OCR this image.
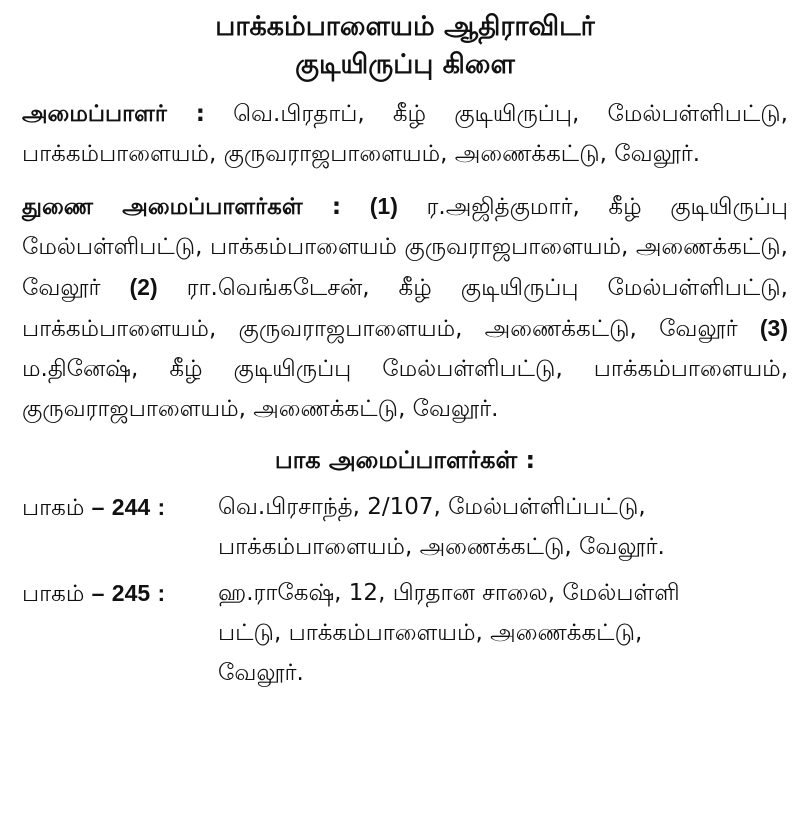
பாக்கம்பாளையம் ஆதிராவிடர்
குடியிருப்பு கிளை

அமைப்பாளர் : வெ.பிரதாப், கீழ் குடியிருப்பு, மேல்பள்ளிபட்டு, பாக்கம்பாளையம், குருவராஜபாளையம், அணைக்கட்டு, வேலூர்.

துணை அமைப்பாளர்கள் : (1) ர.அஜித்குமார், கீழ் குடியிருப்பு மேல்பள்ளிபட்டு, பாக்கம்பாளையம் குருவராஜபாளையம், அணைக்கட்டு, வேலூர் (2) ரா.வெங்கடேசன், கீழ் குடியிருப்பு மேல்பள்ளிபட்டு, பாக்கம்பாளையம், குருவராஜபாளையம், அணைக்கட்டு, வேலூர் (3) ம.தினேஷ், கீழ் குடியிருப்பு மேல்பள்ளிபட்டு, பாக்கம்பாளையம், குருவராஜபாளையம், அணைக்கட்டு, வேலூர்.

பாக அமைப்பாளர்கள் :
பாகம் – 244 :	வெ.பிரசாந்த், 2/107, மேல்பள்ளிப்பட்டு,
பாக்கம்பாளையம், அணைக்கட்டு, வேலூர்.
பாகம் – 245 :	ஹ.ராகேஷ், 12, பிரதான சாலை, மேல்பள்ளி
பட்டு, பாக்கம்பாளையம், அணைக்கட்டு,
வேலூர்.
